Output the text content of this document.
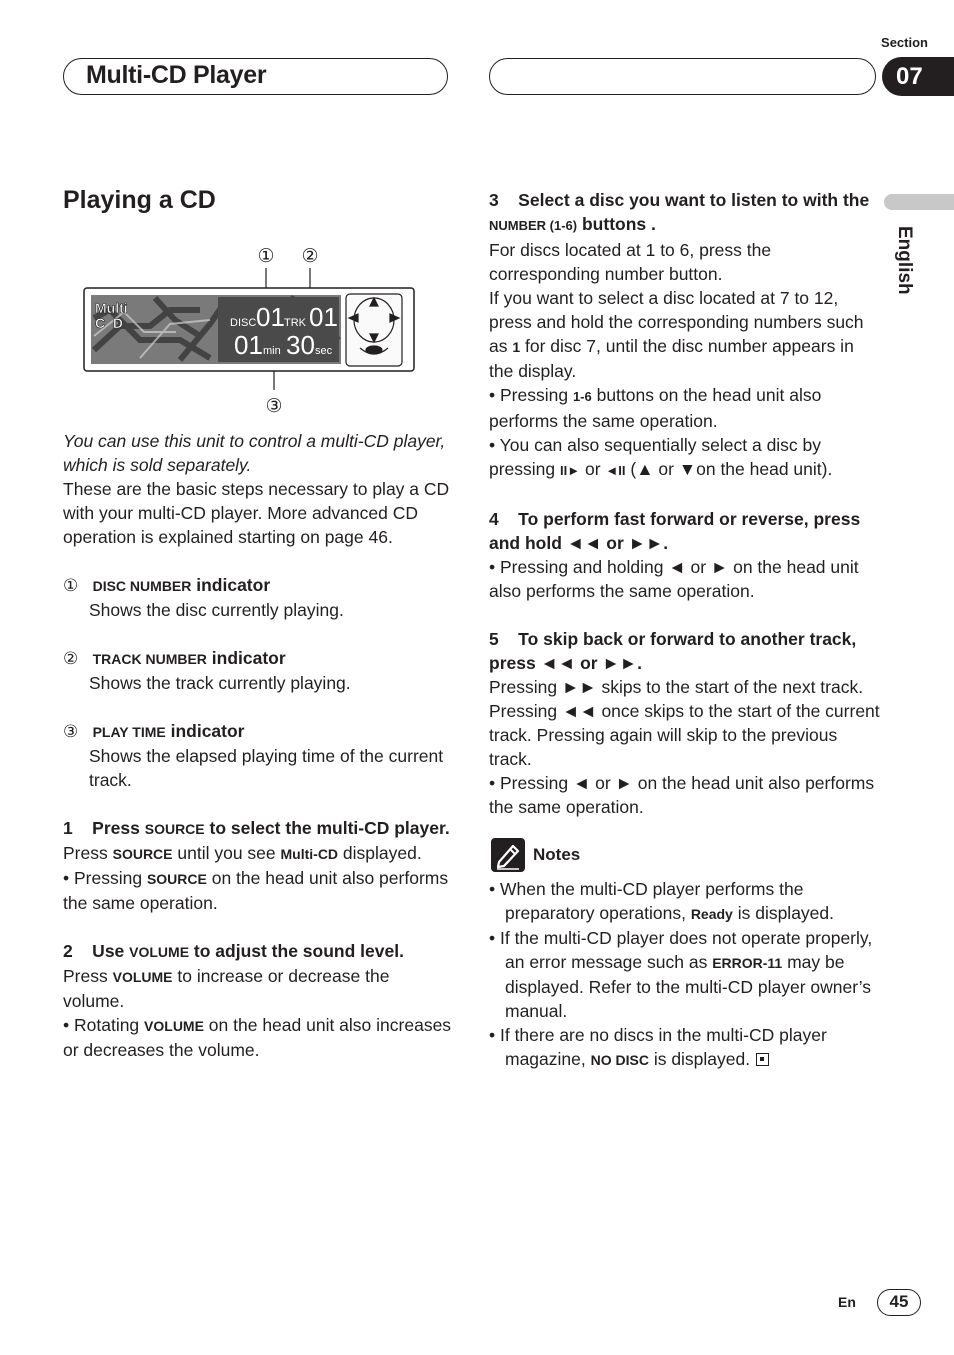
Section
Multi-CD Player	07
English
Playing a CD
① ②
③
Multi
C  D	DISC 01 TRK 01
01 min 30 sec

You can use this unit to control a multi-CD player, which is sold separately.

These are the basic steps necessary to play a CD with your multi-CD player. More advanced CD operation is explained starting on page 46.

① DISC NUMBER indicator

Shows the disc currently playing.

② TRACK NUMBER indicator

Shows the track currently playing.

③ PLAY TIME indicator

Shows the elapsed playing time of the current track.

1    Press SOURCE to select the multi-CD player.

Press SOURCE until you see Multi-CD displayed.

• Pressing SOURCE on the head unit also performs the same operation.

2    Use VOLUME to adjust the sound level.

Press VOLUME to increase or decrease the volume.

• Rotating VOLUME on the head unit also increases or decreases the volume.

3    Select a disc you want to listen to with the

NUMBER (1-6) buttons .

For discs located at 1 to 6, press the corresponding number button.

If you want to select a disc located at 7 to 12, press and hold the corresponding numbers such as 1 for disc 7, until the disc number appears in the display.

• Pressing 1-6 buttons on the head unit also performs the same operation.

• You can also sequentially select a disc by pressing II► or ◄II (▲ or ▼on the head unit).

4    To perform fast forward or reverse, press and hold ◄◄ or ►►.

• Pressing and holding ◄ or ► on the head unit also performs the same operation.

5    To skip back or forward to another track, press ◄◄ or ►►.

Pressing ►► skips to the start of the next track. Pressing ◄◄ once skips to the start of the current track. Pressing again will skip to the previous track.

• Pressing ◄ or ► on the head unit also performs the same operation.

Notes
• When the multi-CD player performs the preparatory operations, Ready is displayed.
• If the multi-CD player does not operate properly, an error message such as ERROR-11 may be displayed. Refer to the multi-CD player owner’s manual.
• If there are no discs in the multi-CD player magazine, NO DISC is displayed.
En	45
